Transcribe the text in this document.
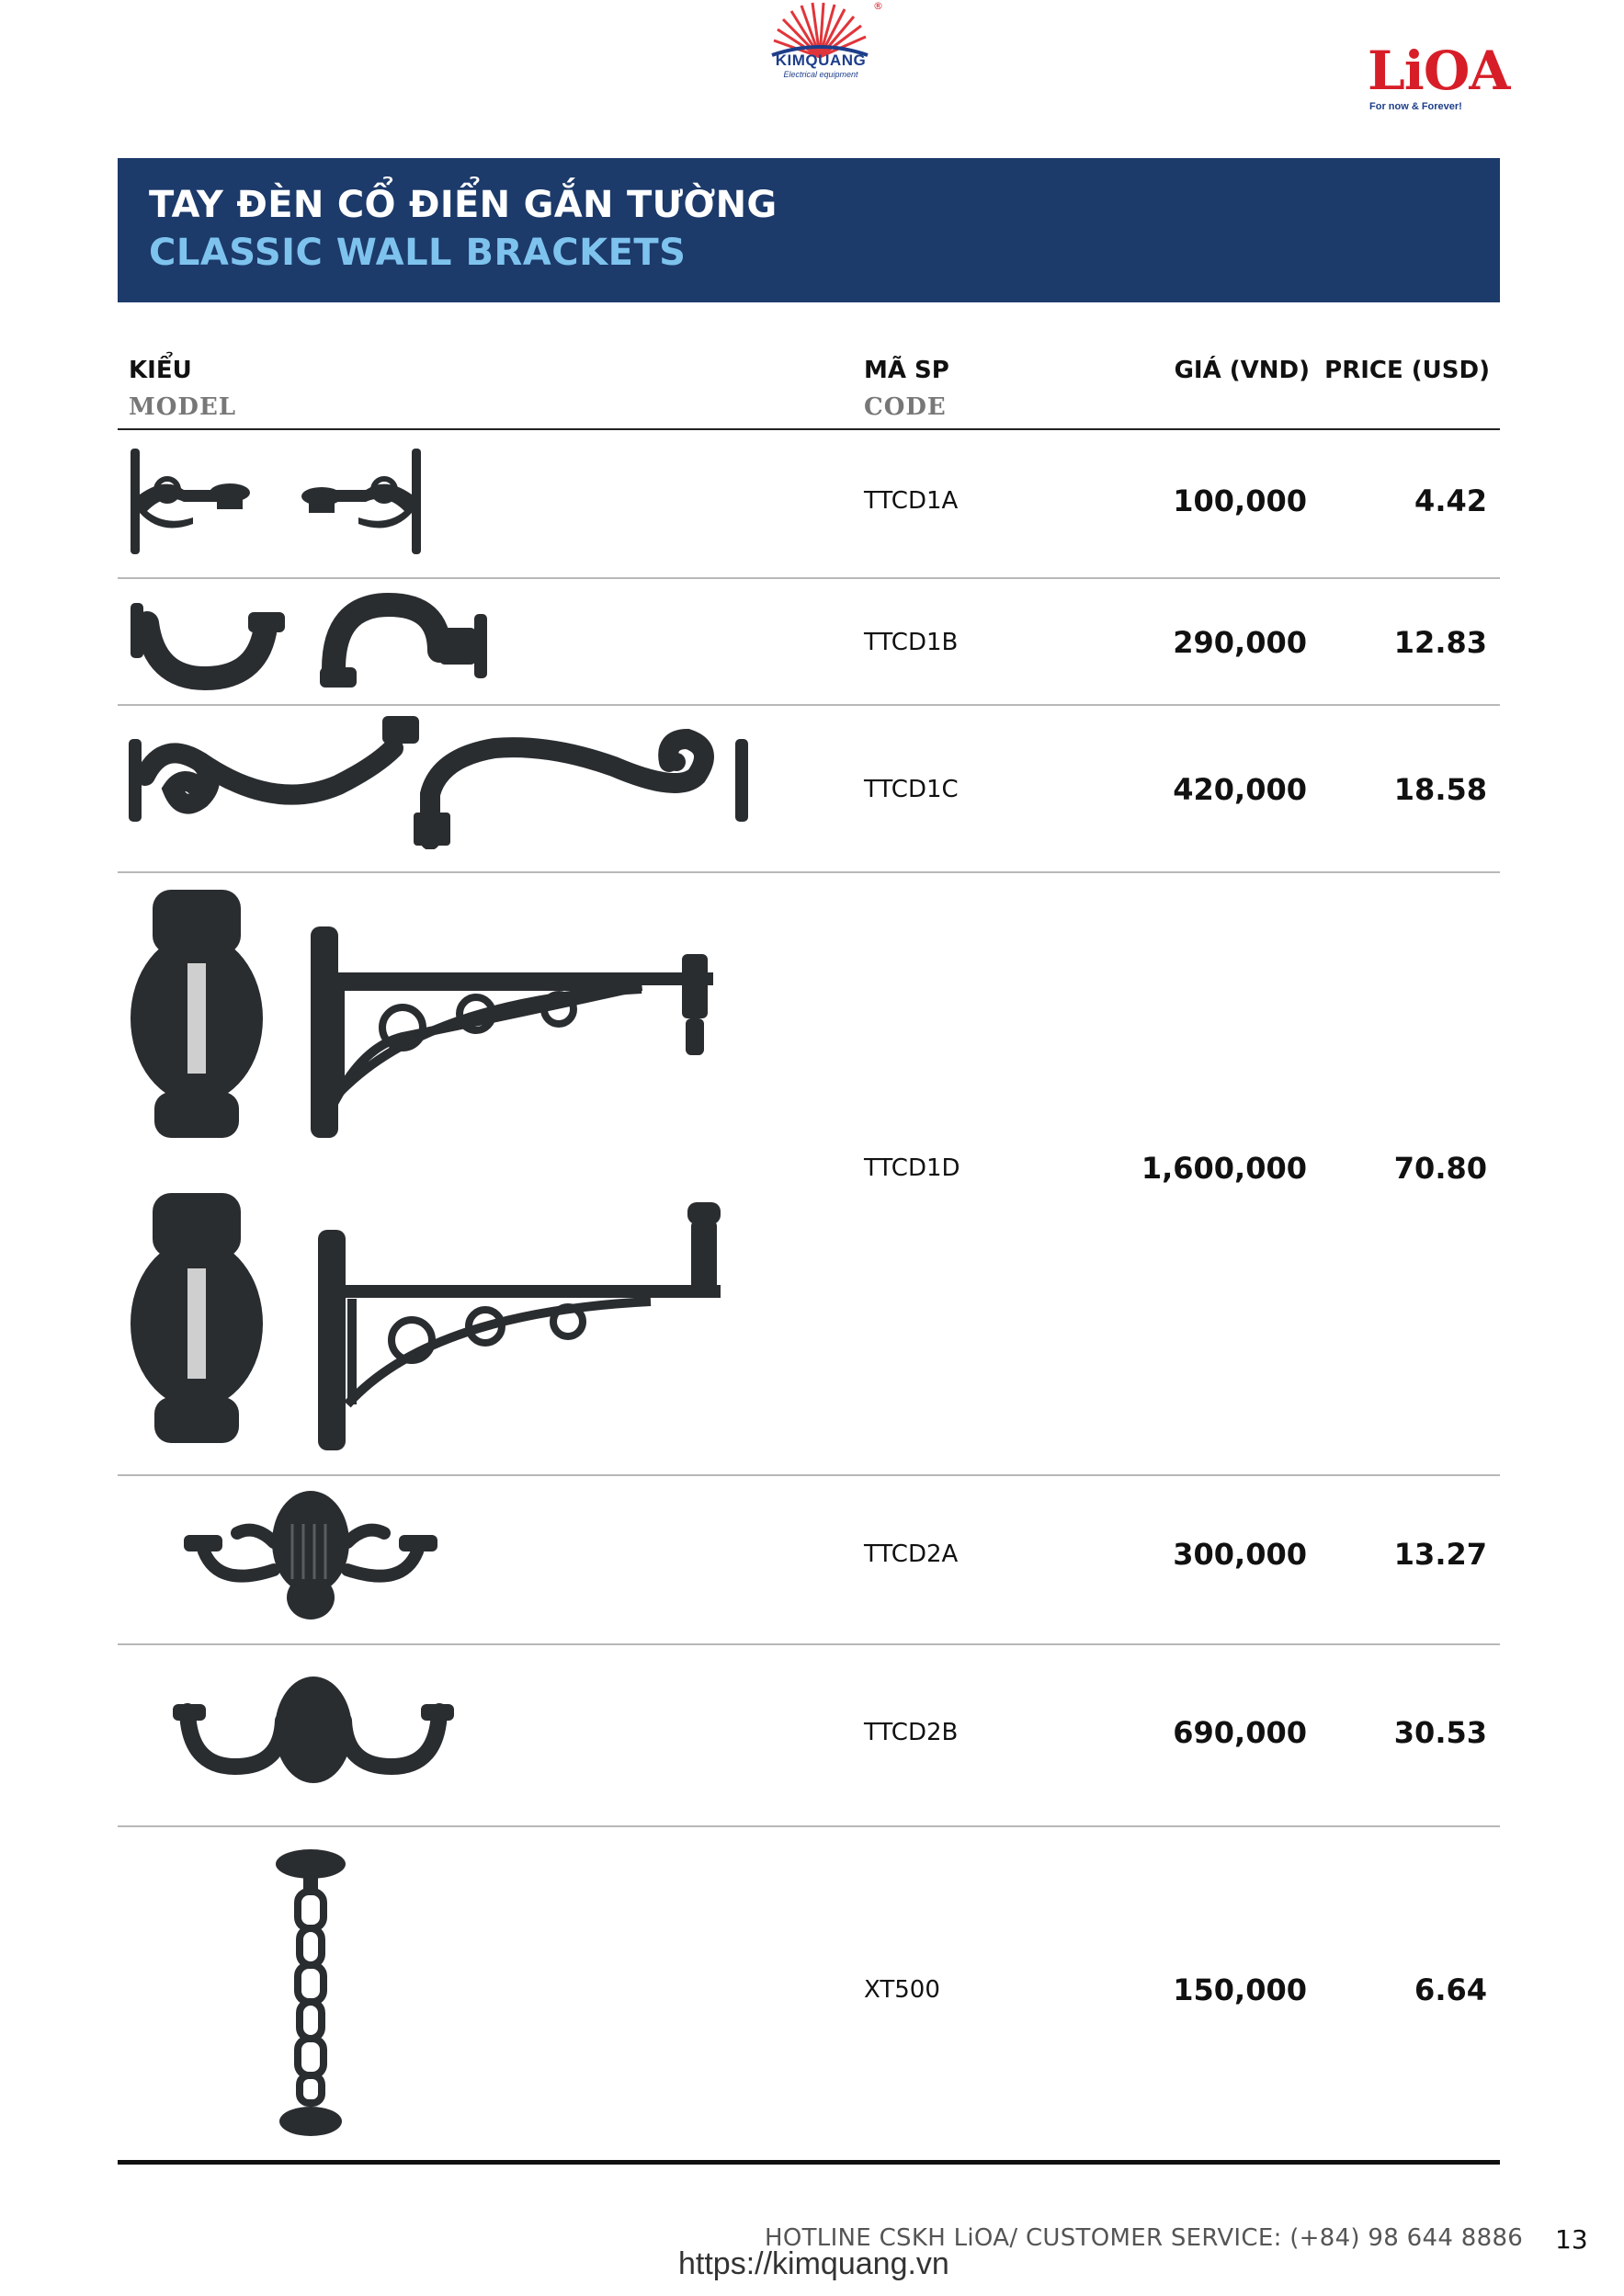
®
KIMQUANG
Electrical equipment	LiOA
For now & Forever!
TAY ĐÈN CỔ ĐIỂN GẮN TƯỜNG
CLASSIC WALL BRACKETS
KIỂU
MODEL
MÃ SP
CODE
GIÁ (VND) PRICE (USD)
TTCD1A	100,000	4.42
TTCD1B	290,000	12.83
TTCD1C	420,000	18.58
TTCD1D	1,600,000	70.80
TTCD2A	300,000	13.27
TTCD2B	690,000	30.53
XT500	150,000	6.64
HOTLINE CSKH LiOA/ CUSTOMER SERVICE: (+84) 98 644 8886
https://kimquang.vn
13
